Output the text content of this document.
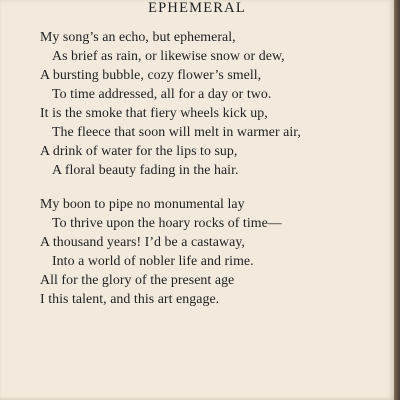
EPHEMERAL
My song’s an echo, but ephemeral,
As brief as rain, or likewise snow or dew,
A bursting bubble, cozy flower’s smell,
To time addressed, all for a day or two.
It is the smoke that fiery wheels kick up,
The fleece that soon will melt in warmer air,
A drink of water for the lips to sup,
A floral beauty fading in the hair.
My boon to pipe no monumental lay
To thrive upon the hoary rocks of time—
A thousand years! I’d be a castaway,
Into a world of nobler life and rime.
All for the glory of the present age
I this talent, and this art engage.
